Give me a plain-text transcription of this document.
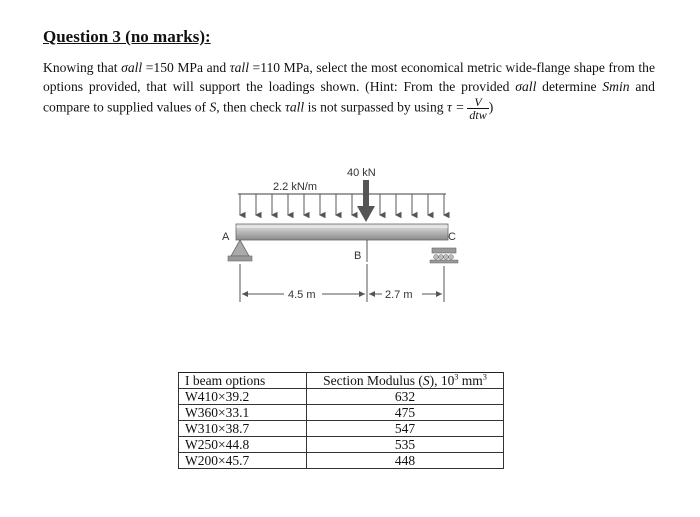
Question 3 (no marks):
Knowing that σall =150 MPa and τall =110 MPa, select the most economical metric wide-flange shape from the options provided, that will support the loadings shown. (Hint: From the provided σall determine Smin and compare to supplied values of S, then check τall is not surpassed by using $\tau = \frac{V}{\text{dtw}}$ )
40 kN
2.2 kN/m
A
B
C
4.5 m	2.7 m
I beam options	Section Modulus (S), $10^3$ $mm^3$
W410×39.2	632
W360×33.1	475
W310×38.7	547
W250×44.8	535
W200×45.7	448
